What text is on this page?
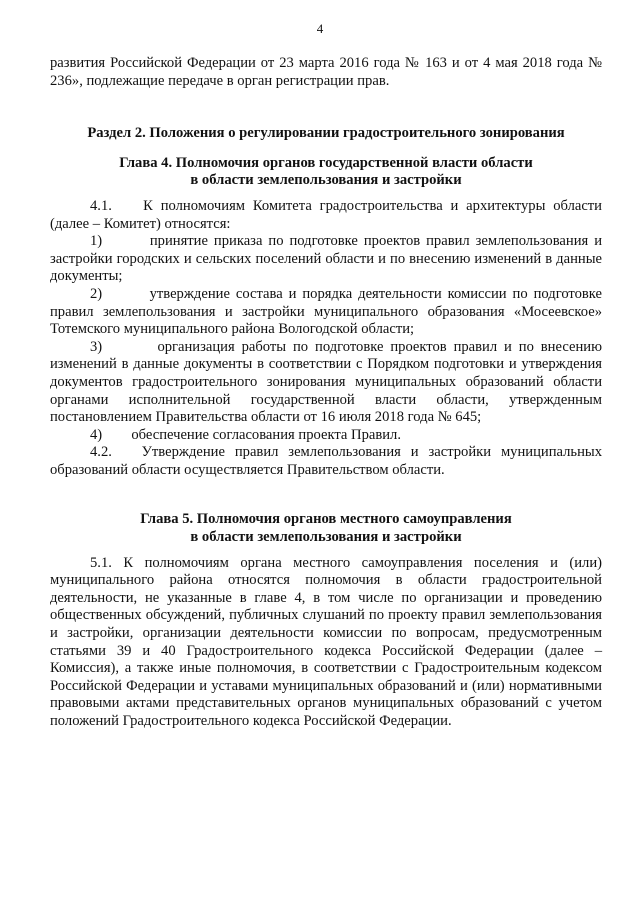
4

развития Российской Федерации от 23 марта 2016 года № 163 и от 4 мая 2018 года № 236», подлежащие передаче в орган регистрации прав.

Раздел 2. Положения о регулировании градостроительного зонирования

Глава 4. Полномочия органов государственной власти области

в области землепользования и застройки

4.1.    К полномочиям Комитета градостроительства и архитектуры области (далее – Комитет) относятся:

1)        принятие приказа по подготовке проектов правил землепользования и застройки городских и сельских поселений области и по внесению изменений в данные документы;

2)        утверждение состава и порядка деятельности комиссии по подготовке правил землепользования и застройки муниципального образования «Мосеевское» Тотемского муниципального района Вологодской области;

3)        организация работы по подготовке проектов правил и по внесению изменений в данные документы в соответствии с Порядком подготовки и утверждения документов градостроительного зонирования муниципальных образований области органами исполнительной государственной власти области, утвержденным постановлением Правительства области от 16 июля 2018 года № 645;

4)        обеспечение согласования проекта Правил.

4.2.   Утверждение правил землепользования и застройки муниципальных образований области осуществляется Правительством области.

Глава 5. Полномочия органов местного самоуправления

в области землепользования и застройки

5.1. К полномочиям органа местного самоуправления поселения и (или) муниципального района относятся полномочия в области градостроительной деятельности, не указанные в главе 4, в том числе по организации и проведению общественных обсуждений, публичных слушаний по проекту правил землепользования и застройки, организации деятельности комиссии по вопросам, предусмотренным статьями 39 и 40 Градостроительного кодекса Российской Федерации (далее – Комиссия), а также иные полномочия, в соответствии с Градостроительным кодексом Российской Федерации и уставами муниципальных образований и (или) нормативными правовыми актами представительных органов муниципальных образований с учетом положений Градостроительного кодекса Российской Федерации.
